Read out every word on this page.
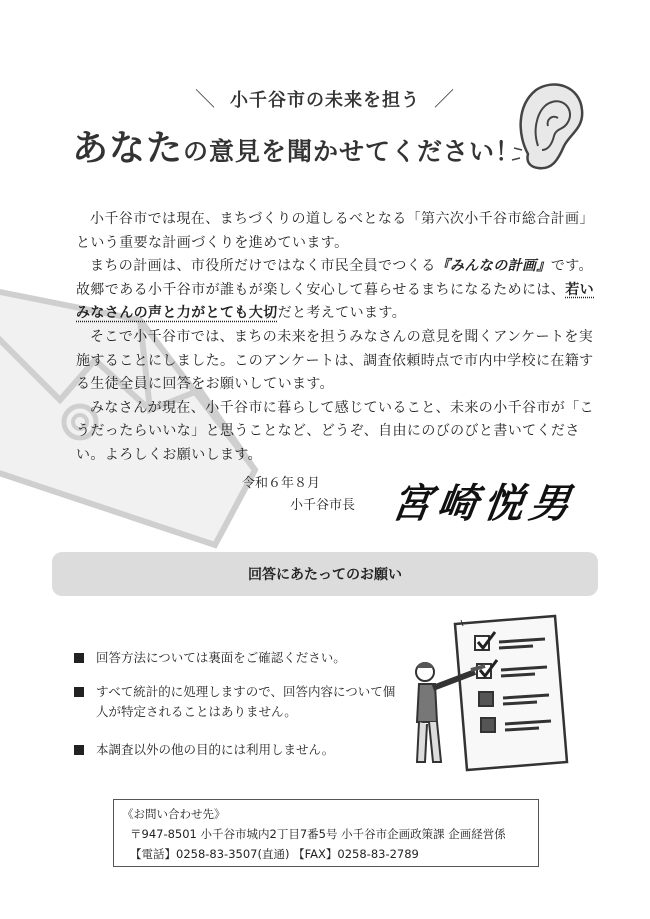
＼ 小千谷市の未来を担う ／
あなたの意見を聞かせてください！

小千谷市では現在、まちづくりの道しるべとなる「第六次小千谷市総合計画」という重要な計画づくりを進めています。

まちの計画は、市役所だけではなく市民全員でつくる『みんなの計画』です。故郷である小千谷市が誰もが楽しく安心して暮らせるまちになるためには、若いみなさんの声と力がとても大切だと考えています。

そこで小千谷市では、まちの未来を担うみなさんの意見を聞くアンケートを実施することにしました。このアンケートは、調査依頼時点で市内中学校に在籍する生徒全員に回答をお願いしています。

みなさんが現在、小千谷市に暮らして感じていること、未来の小千谷市が「こうだったらいいな」と思うことなど、どうぞ、自由にのびのびと書いてください。よろしくお願いします。

令和６年８月
小千谷市長 宮崎悦男
回答にあたってのお願い
回答方法については裏面をご確認ください。
すべて統計的に処理しますので、回答内容について個人が特定されることはありません。
本調査以外の他の目的には利用しません。
《お問い合わせ先》
〒947-8501 小千谷市城内2丁目7番5号 小千谷市企画政策課 企画経営係
【電話】0258-83-3507(直通) 【FAX】0258-83-2789
